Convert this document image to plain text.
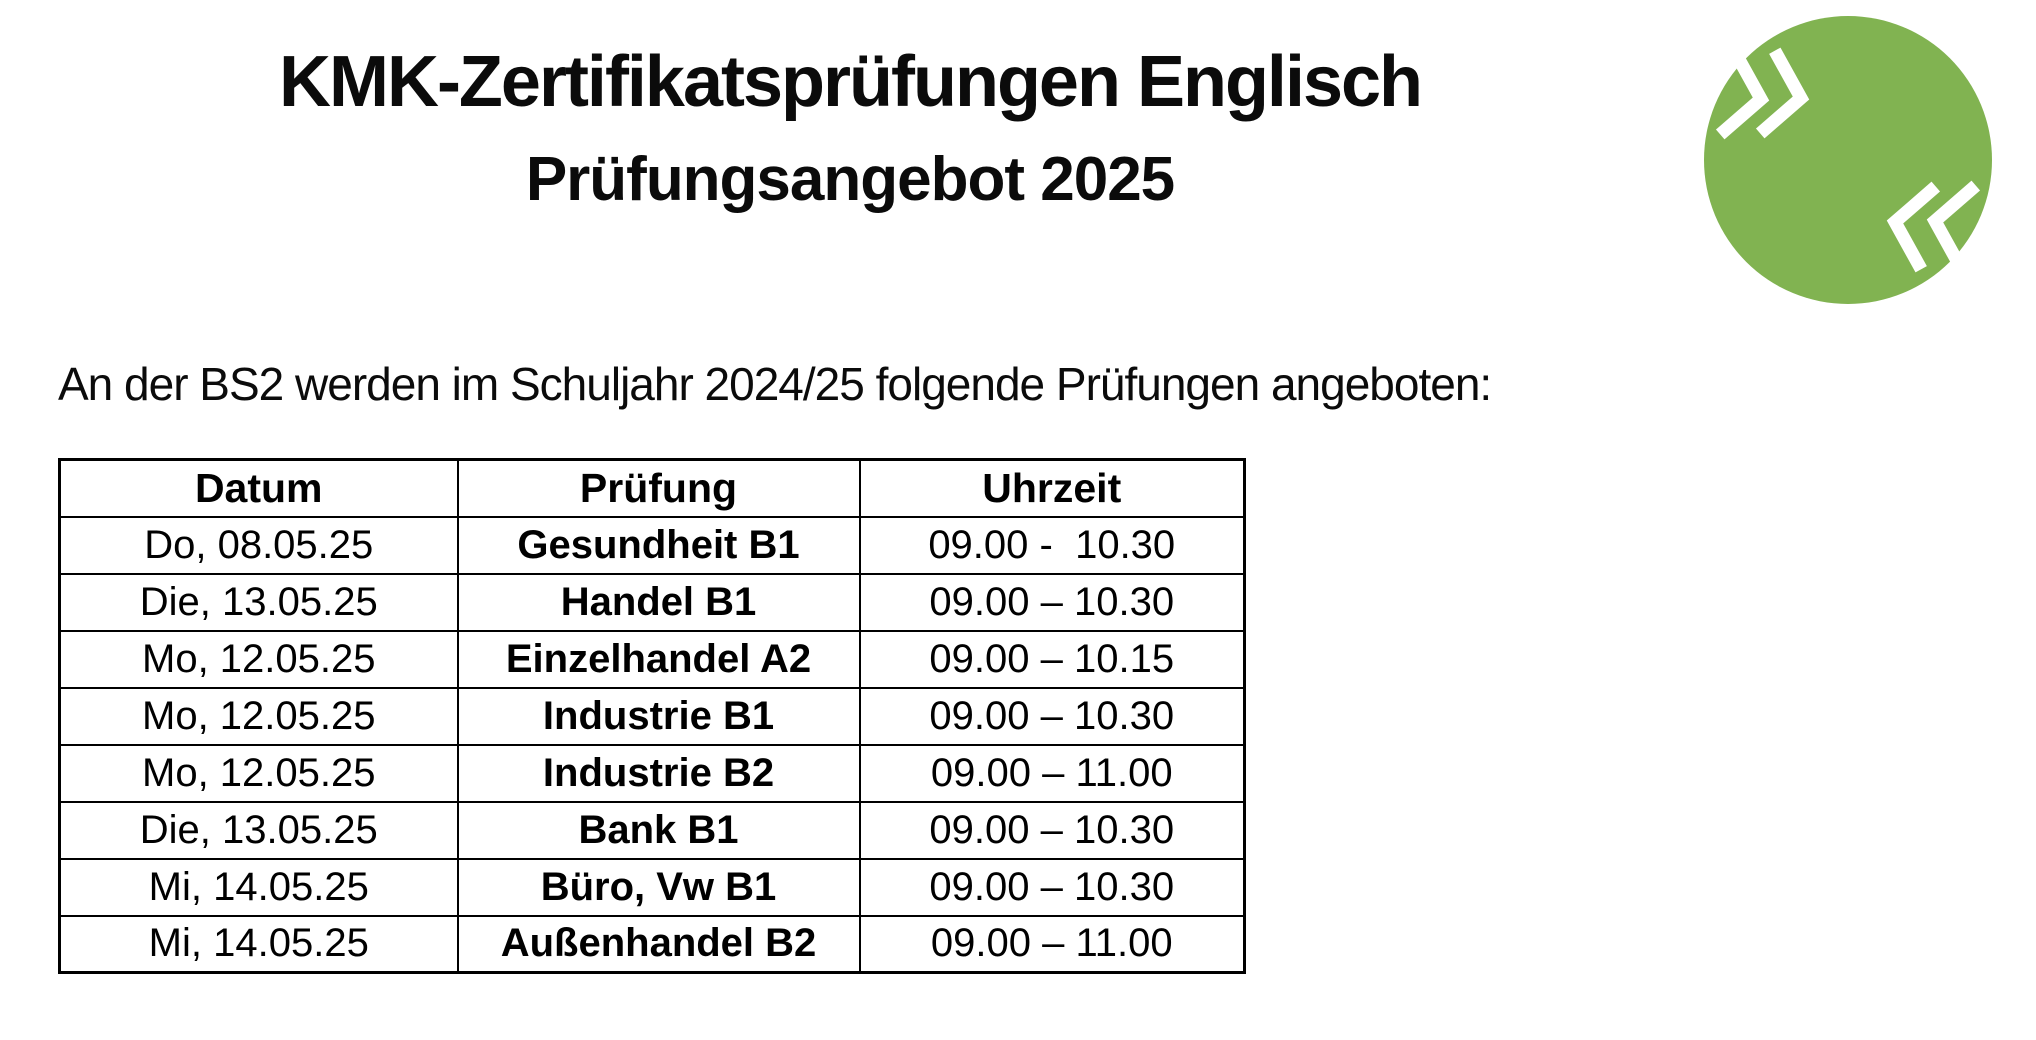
KMK-Zertifikatsprüfungen Englisch
Prüfungsangebot 2025
An der BS2 werden im Schuljahr 2024/25 folgende Prüfungen angeboten:
Datum	Prüfung	Uhrzeit
Do, 08.05.25	Gesundheit B1	09.00 -  10.30
Die, 13.05.25	Handel B1	09.00 – 10.30
Mo, 12.05.25	Einzelhandel A2	09.00 – 10.15
Mo, 12.05.25	Industrie B1	09.00 – 10.30
Mo, 12.05.25	Industrie B2	09.00 – 11.00
Die, 13.05.25	Bank B1	09.00 – 10.30
Mi, 14.05.25	Büro, Vw B1	09.00 – 10.30
Mi, 14.05.25	Außenhandel B2	09.00 – 11.00
